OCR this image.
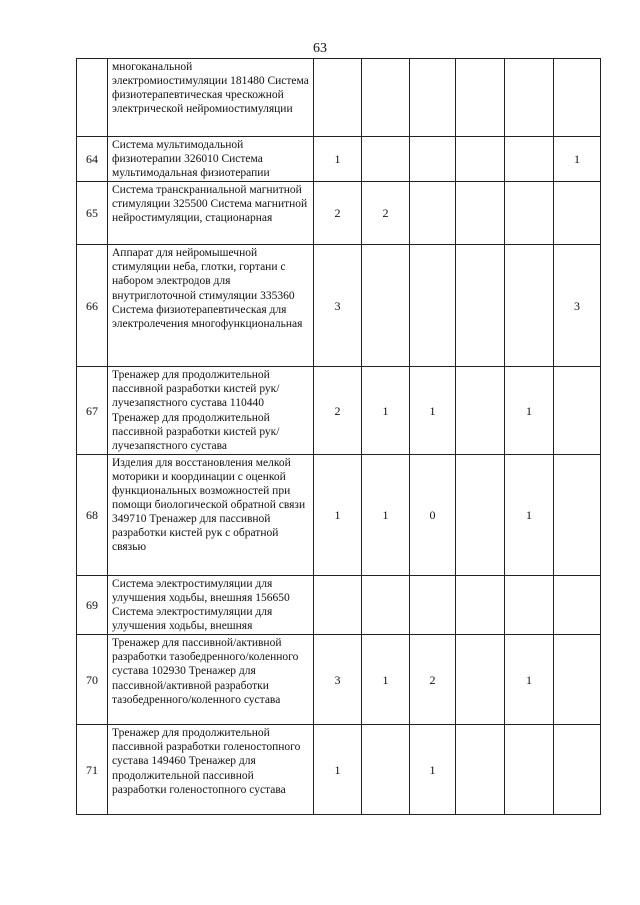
63
	многоканальной электромиостимуляции 181480 Система физиотерапевтическая чрескожной электрической нейромиостимуляции						
64	Система мультимодальной физиотерапии 326010 Система мультимодальная физиотерапии	1					1
65	Система транскраниальной магнитной стимуляции 325500 Система магнитной нейростимуляции, стационарная	2	2				
66	Аппарат для нейромышечной стимуляции неба, глотки, гортани с набором электродов для внутриглоточной стимуляции 335360 Система физиотерапевтическая для электролечения многофункциональная	3					3
67	Тренажер для продолжительной пассивной разработки кистей рук/лучезапястного сустава 110440 Тренажер для продолжительной пассивной разработки кистей рук/лучезапястного сустава	2	1	1		1	
68	Изделия для восстановления мелкой моторики и координации с оценкой функциональных возможностей при помощи биологической обратной связи 349710 Тренажер для пассивной разработки кистей рук с обратной связью	1	1	0		1	
69	Система электростимуляции для улучшения ходьбы, внешняя 156650 Система электростимуляции для улучшения ходьбы, внешняя						
70	Тренажер для пассивной/активной разработки тазобедренного/коленного сустава 102930 Тренажер для пассивной/активной разработки тазобедренного/коленного сустава	3	1	2		1	
71	Тренажер для продолжительной пассивной разработки голеностопного сустава 149460 Тренажер для продолжительной пассивной разработки голеностопного сустава	1		1			
